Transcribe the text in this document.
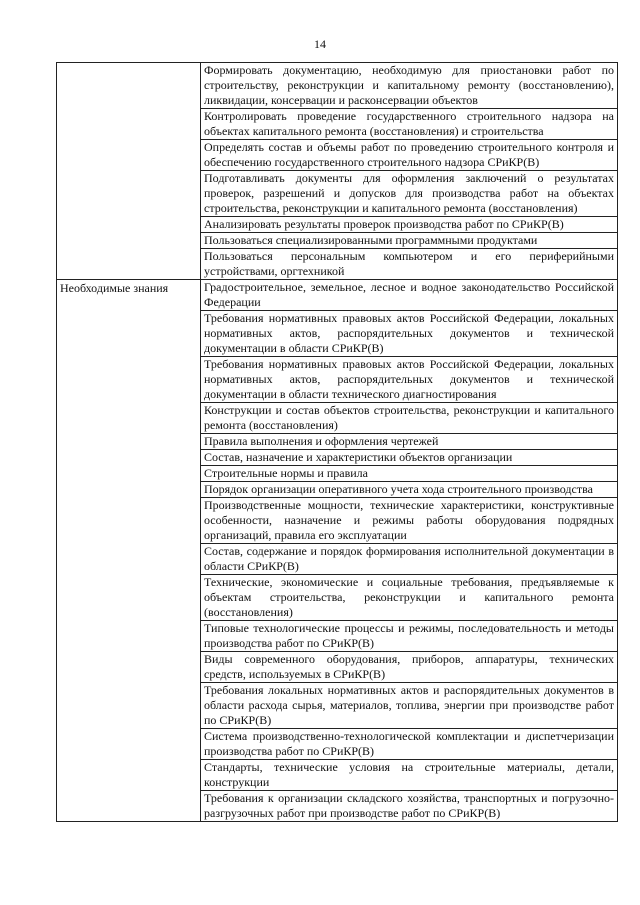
14
	Формировать документацию, необходимую для приостановки работ по строительству, реконструкции и капитальному ремонту (восстановлению), ликвидации, консервации и расконсервации объектов
	Контролировать проведение государственного строительного надзора на объектах капитального ремонта (восстановления) и строительства
	Определять состав и объемы работ по проведению строительного контроля и обеспечению государственного строительного надзора СРиКР(В)
	Подготавливать документы для оформления заключений о результатах проверок, разрешений и допусков для производства работ на объектах строительства, реконструкции и капитального ремонта (восстановления)
	Анализировать результаты проверок производства работ по СРиКР(В)
	Пользоваться специализированными программными продуктами
	Пользоваться персональным компьютером и его периферийными устройствами, оргтехникой
Необходимые знания	Градостроительное, земельное, лесное и водное законодательство Российской Федерации
	Требования нормативных правовых актов Российской Федерации, локальных нормативных актов, распорядительных документов и технической документации в области СРиКР(В)
	Требования нормативных правовых актов Российской Федерации, локальных нормативных актов, распорядительных документов и технической документации в области технического диагностирования
	Конструкции и состав объектов строительства, реконструкции и капитального ремонта (восстановления)
	Правила выполнения и оформления чертежей
	Состав, назначение и характеристики объектов организации
	Строительные нормы и правила
	Порядок организации оперативного учета хода строительного производства
	Производственные мощности, технические характеристики, конструктивные особенности, назначение и режимы работы оборудования подрядных организаций, правила его эксплуатации
	Состав, содержание и порядок формирования исполнительной документации в области СРиКР(В)
	Технические, экономические и социальные требования, предъявляемые к объектам строительства, реконструкции и капитального ремонта (восстановления)
	Типовые технологические процессы и режимы, последовательность и методы производства работ по СРиКР(В)
	Виды современного оборудования, приборов, аппаратуры, технических средств, используемых в СРиКР(В)
	Требования локальных нормативных актов и распорядительных документов в области расхода сырья, материалов, топлива, энергии при производстве работ по СРиКР(В)
	Система производственно-технологической комплектации и диспетчеризации производства работ по СРиКР(В)
	Стандарты, технические условия на строительные материалы, детали, конструкции
	Требования к организации складского хозяйства, транспортных и погрузочно-разгрузочных работ при производстве работ по СРиКР(В)
